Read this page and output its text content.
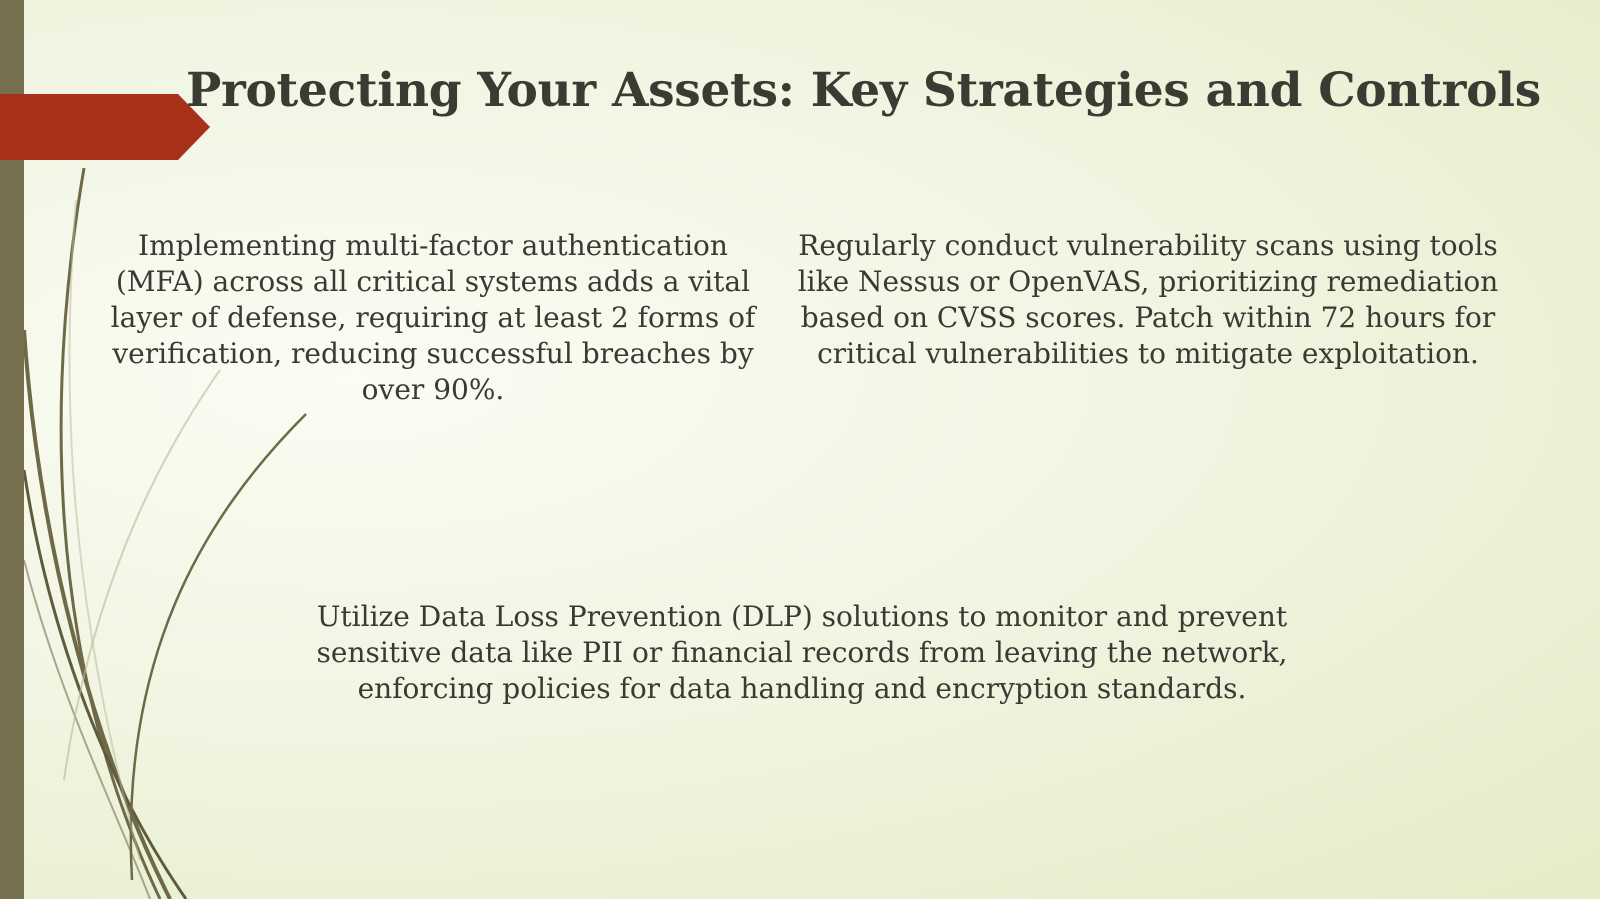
Protecting Your Assets: Key Strategies and Controls

Implementing multi-factor authentication (MFA) across all critical systems adds a vital layer of defense, requiring at least 2 forms of verification, reducing successful breaches by over 90%.

Regularly conduct vulnerability scans using tools like Nessus or OpenVAS, prioritizing remediation based on CVSS scores. Patch within 72 hours for critical vulnerabilities to mitigate exploitation.

Utilize Data Loss Prevention (DLP) solutions to monitor and prevent sensitive data like PII or financial records from leaving the network, enforcing policies for data handling and encryption standards.
